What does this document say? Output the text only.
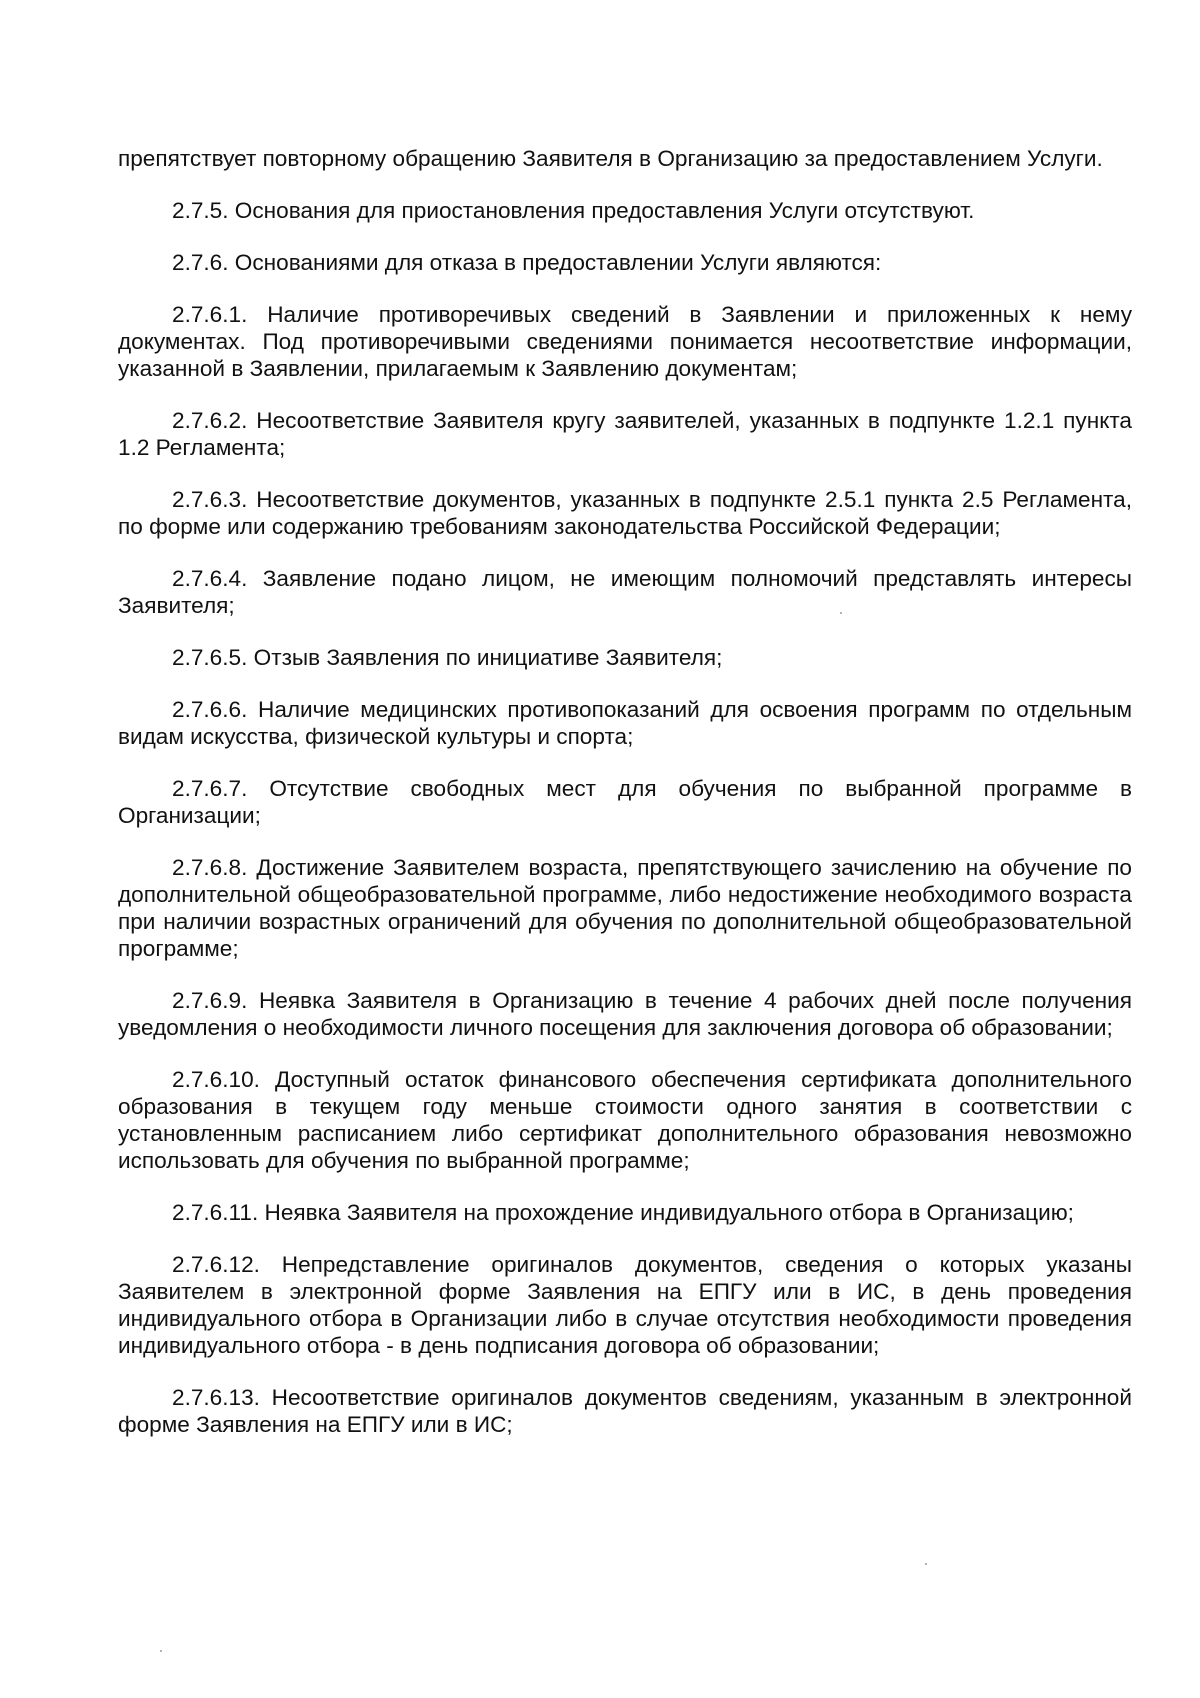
препятствует повторному обращению Заявителя в Организацию за предоставлением Услуги.

2.7.5. Основания для приостановления предоставления Услуги отсутствуют.

2.7.6. Основаниями для отказа в предоставлении Услуги являются:

2.7.6.1. Наличие противоречивых сведений в Заявлении и приложенных к нему документах. Под противоречивыми сведениями понимается несоответствие информации, указанной в Заявлении, прилагаемым к Заявлению документам;

2.7.6.2. Несоответствие Заявителя кругу заявителей, указанных в подпункте 1.2.1 пункта 1.2 Регламента;

2.7.6.3. Несоответствие документов, указанных в подпункте 2.5.1 пункта 2.5 Регламента, по форме или содержанию требованиям законодательства Российской Федерации;

2.7.6.4. Заявление подано лицом, не имеющим полномочий представлять интересы Заявителя;

2.7.6.5. Отзыв Заявления по инициативе Заявителя;

2.7.6.6. Наличие медицинских противопоказаний для освоения программ по отдельным видам искусства, физической культуры и спорта;

2.7.6.7. Отсутствие свободных мест для обучения по выбранной программе в Организации;

2.7.6.8. Достижение Заявителем возраста, препятствующего зачислению на обучение по дополнительной общеобразовательной программе, либо недостижение необходимого возраста при наличии возрастных ограничений для обучения по дополнительной общеобразовательной программе;

2.7.6.9. Неявка Заявителя в Организацию в течение 4 рабочих дней после получения уведомления о необходимости личного посещения для заключения договора об образовании;

2.7.6.10. Доступный остаток финансового обеспечения сертификата дополнительного образования в текущем году меньше стоимости одного занятия в соответствии с установленным расписанием либо сертификат дополнительного образования невозможно использовать для обучения по выбранной программе;

2.7.6.11. Неявка Заявителя на прохождение индивидуального отбора в Организацию;

2.7.6.12. Непредставление оригиналов документов, сведения о которых указаны Заявителем в электронной форме Заявления на ЕПГУ или в ИС, в день проведения индивидуального отбора в Организации либо в случае отсутствия необходимости проведения индивидуального отбора - в день подписания договора об образовании;

2.7.6.13. Несоответствие оригиналов документов сведениям, указанным в электронной форме Заявления на ЕПГУ или в ИС;
